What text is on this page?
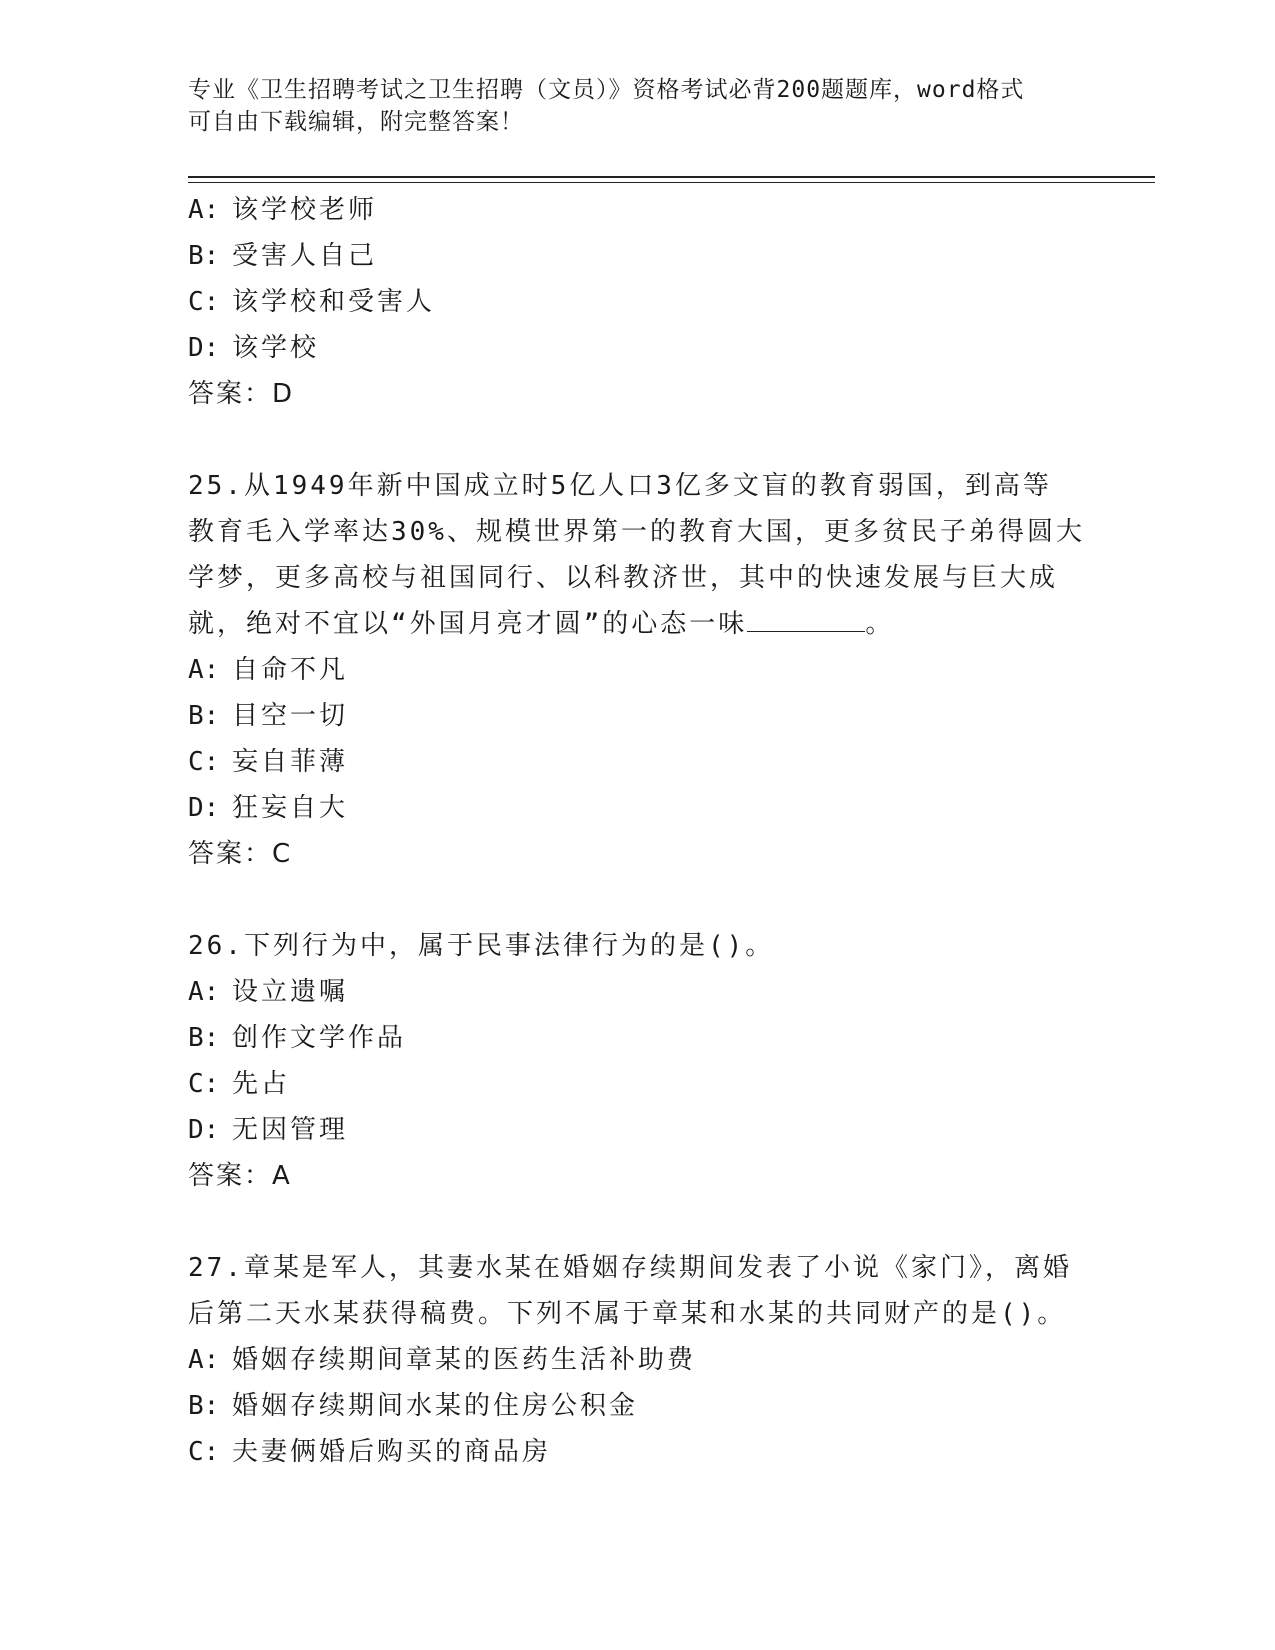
专业《卫生招聘考试之卫生招聘（文员）》资格考试必背200题题库，word格式
可自由下载编辑，附完整答案！
A: 该学校老师
B: 受害人自己
C: 该学校和受害人
D: 该学校
答案：D
25.从1949年新中国成立时5亿人口3亿多文盲的教育弱国，到高等
教育毛入学率达30%、规模世界第一的教育大国，更多贫民子弟得圆大
学梦，更多高校与祖国同行、以科教济世，其中的快速发展与巨大成
就，绝对不宜以“外国月亮才圆”的心态一味	。
A: 自命不凡
B: 目空一切
C: 妄自菲薄
D: 狂妄自大
答案：C
26.下列行为中，属于民事法律行为的是()。
A: 设立遗嘱
B: 创作文学作品
C: 先占
D: 无因管理
答案：A
27.章某是军人，其妻水某在婚姻存续期间发表了小说《家门》，离婚
后第二天水某获得稿费。下列不属于章某和水某的共同财产的是()。
A: 婚姻存续期间章某的医药生活补助费
B: 婚姻存续期间水某的住房公积金
C: 夫妻俩婚后购买的商品房
